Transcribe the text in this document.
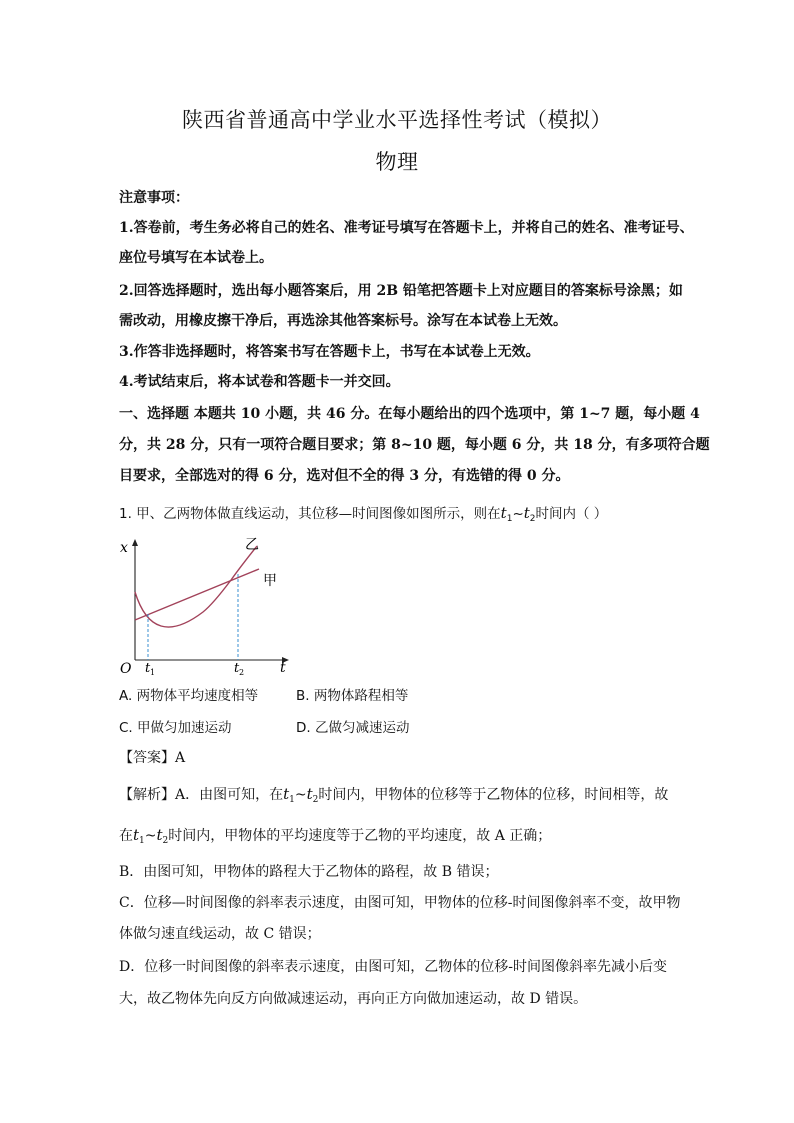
陕西省普通高中学业水平选择性考试（模拟）
物理
注意事项：
1.答卷前，考生务必将自己的姓名、准考证号填写在答题卡上，并将自己的姓名、准考证号、
座位号填写在本试卷上。
2.回答选择题时，选出每小题答案后，用 2B 铅笔把答题卡上对应题目的答案标号涂黑；如
需改动，用橡皮擦干净后，再选涂其他答案标号。涂写在本试卷上无效。
3.作答非选择题时，将答案书写在答题卡上，书写在本试卷上无效。
4.考试结束后，将本试卷和答题卡一并交回。
一、选择题 本题共 10 小题，共 46 分。在每小题给出的四个选项中，第 1~7 题，每小题 4
分，共 28 分，只有一项符合题目要求；第 8~10 题，每小题 6 分，共 18 分，有多项符合题
目要求，全部选对的得 6 分，选对但不全的得 3 分，有选错的得 0 分。
1. 甲、乙两物体做直线运动，其位移—时间图像如图所示，则在$t_1\sim t_2$时间内（ ）
x
t
O
乙
甲
t 1	t 2
A. 两物体平均速度相等	B. 两物体路程相等
C. 甲做匀加速运动	D. 乙做匀减速运动
【答案】A
【解析】A．由图可知，在$t_1\sim t_2$时间内，甲物体的位移等于乙物体的位移，时间相等，故
在$t_1\sim t_2$时间内，甲物体的平均速度等于乙物的平均速度，故 A 正确；
B．由图可知，甲物体的路程大于乙物体的路程，故 B 错误；
C．位移—时间图像的斜率表示速度，由图可知，甲物体的位移-时间图像斜率不变，故甲物
体做匀速直线运动，故 C 错误；
D．位移一时间图像的斜率表示速度，由图可知，乙物体的位移-时间图像斜率先减小后变
大，故乙物体先向反方向做减速运动，再向正方向做加速运动，故 D 错误。
